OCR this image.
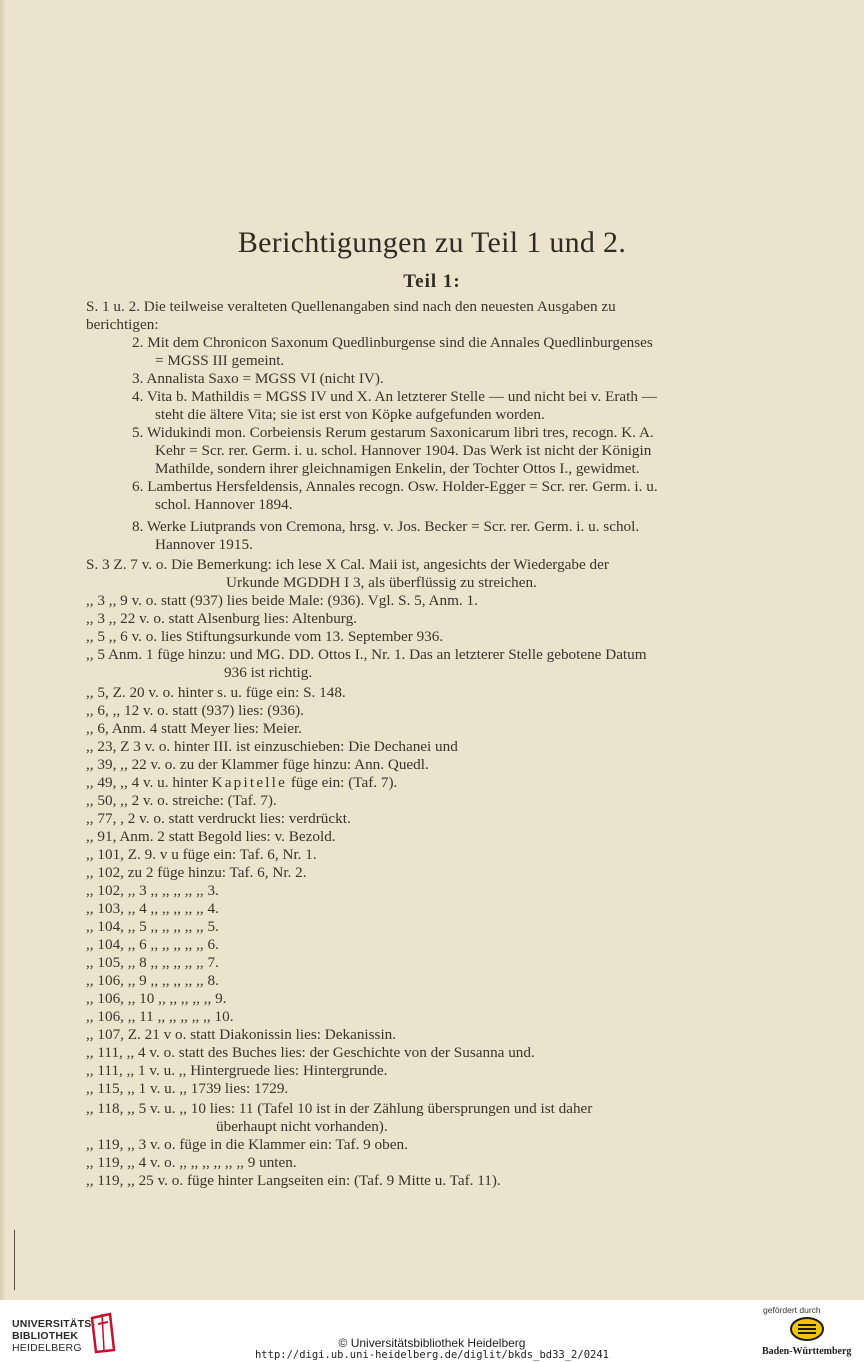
Berichtigungen zu Teil 1 und 2.
Teil 1:
S. 1 u. 2. Die teilweise veralteten Quellenangaben sind nach den neuesten Ausgaben zu
berichtigen:
2. Mit dem Chronicon Saxonum Quedlinburgense sind die Annales Quedlinburgenses
= MGSS III gemeint.
3. Annalista Saxo = MGSS VI (nicht IV).
4. Vita b. Mathildis = MGSS IV und X. An letzterer Stelle — und nicht bei v. Erath —
steht die ältere Vita; sie ist erst von Köpke aufgefunden worden.
5. Widukindi mon. Corbeiensis Rerum gestarum Saxonicarum libri tres, recogn. K. A.
Kehr = Scr. rer. Germ. i. u. schol. Hannover 1904. Das Werk ist nicht der Königin
Mathilde, sondern ihrer gleichnamigen Enkelin, der Tochter Ottos I., gewidmet.
6. Lambertus Hersfeldensis, Annales recogn. Osw. Holder-Egger = Scr. rer. Germ. i. u.
schol. Hannover 1894.
8. Werke Liutprands von Cremona, hrsg. v. Jos. Becker = Scr. rer. Germ. i. u. schol.
Hannover 1915.
S. 3 Z. 7 v. o. Die Bemerkung: ich lese X Cal. Maii ist, angesichts der Wiedergabe der
Urkunde MGDDH I 3, als überflüssig zu streichen.
,, 3 ,, 9 v. o. statt (937) lies beide Male: (936). Vgl. S. 5, Anm. 1.
,, 3 ,, 22 v. o. statt Alsenburg lies: Altenburg.
,, 5 ,, 6 v. o. lies Stiftungsurkunde vom 13. September 936.
,, 5 Anm. 1 füge hinzu: und MG. DD. Ottos I., Nr. 1. Das an letzterer Stelle gebotene Datum
936 ist richtig.
,, 5, Z. 20 v. o. hinter s. u. füge ein: S. 148.
,, 6, ,, 12 v. o. statt (937) lies: (936).
,, 6, Anm. 4 statt Meyer lies: Meier.
,, 23, Z 3 v. o. hinter III. ist einzuschieben: Die Dechanei und
,, 39, ,, 22 v. o. zu der Klammer füge hinzu: Ann. Quedl.
,, 49, ,, 4 v. u. hinter Kapitelle füge ein: (Taf. 7).
,, 50, ,, 2 v. o. streiche: (Taf. 7).
,, 77, , 2 v. o. statt verdruckt lies: verdrückt.
,, 91, Anm. 2 statt Begold lies: v. Bezold.
,, 101, Z. 9. v u füge ein: Taf. 6, Nr. 1.
,, 102, zu 2 füge hinzu: Taf. 6, Nr. 2.
,, 102, ,, 3 ,, ,, ,, ,, ,, 3.
,, 103, ,, 4 ,, ,, ,, ,, ,, 4.
,, 104, ,, 5 ,, ,, ,, ,, ,, 5.
,, 104, ,, 6 ,, ,, ,, ,, ,, 6.
,, 105, ,, 8 ,, ,, ,, ,, ,, 7.
,, 106, ,, 9 ,, ,, ,, ,, ,, 8.
,, 106, ,, 10 ,, ,, ,, ,, ,, 9.
,, 106, ,, 11 ,, ,, ,, ,, ,, 10.
,, 107, Z. 21 v o. statt Diakonissin lies: Dekanissin.
,, 111, ,, 4 v. o. statt des Buches lies: der Geschichte von der Susanna und.
,, 111, ,, 1 v. u. ,, Hintergruede lies: Hintergrunde.
,, 115, ,, 1 v. u. ,, 1739 lies: 1729.
,, 118, ,, 5 v. u. ,, 10 lies: 11 (Tafel 10 ist in der Zählung übersprungen und ist daher
überhaupt nicht vorhanden).
,, 119, ,, 3 v. o. füge in die Klammer ein: Taf. 9 oben.
,, 119, ,, 4 v. o. ,, ,, ,, ,, ,, ,, 9 unten.
,, 119, ,, 25 v. o. füge hinter Langseiten ein: (Taf. 9 Mitte u. Taf. 11).
UNIVERSITÄTS-
BIBLIOTHEK
HEIDELBERG	© Universitätsbibliothek Heidelberg
http://digi.ub.uni-heidelberg.de/diglit/bkds_bd33_2/0241
gefördert durch
Baden-Württemberg
